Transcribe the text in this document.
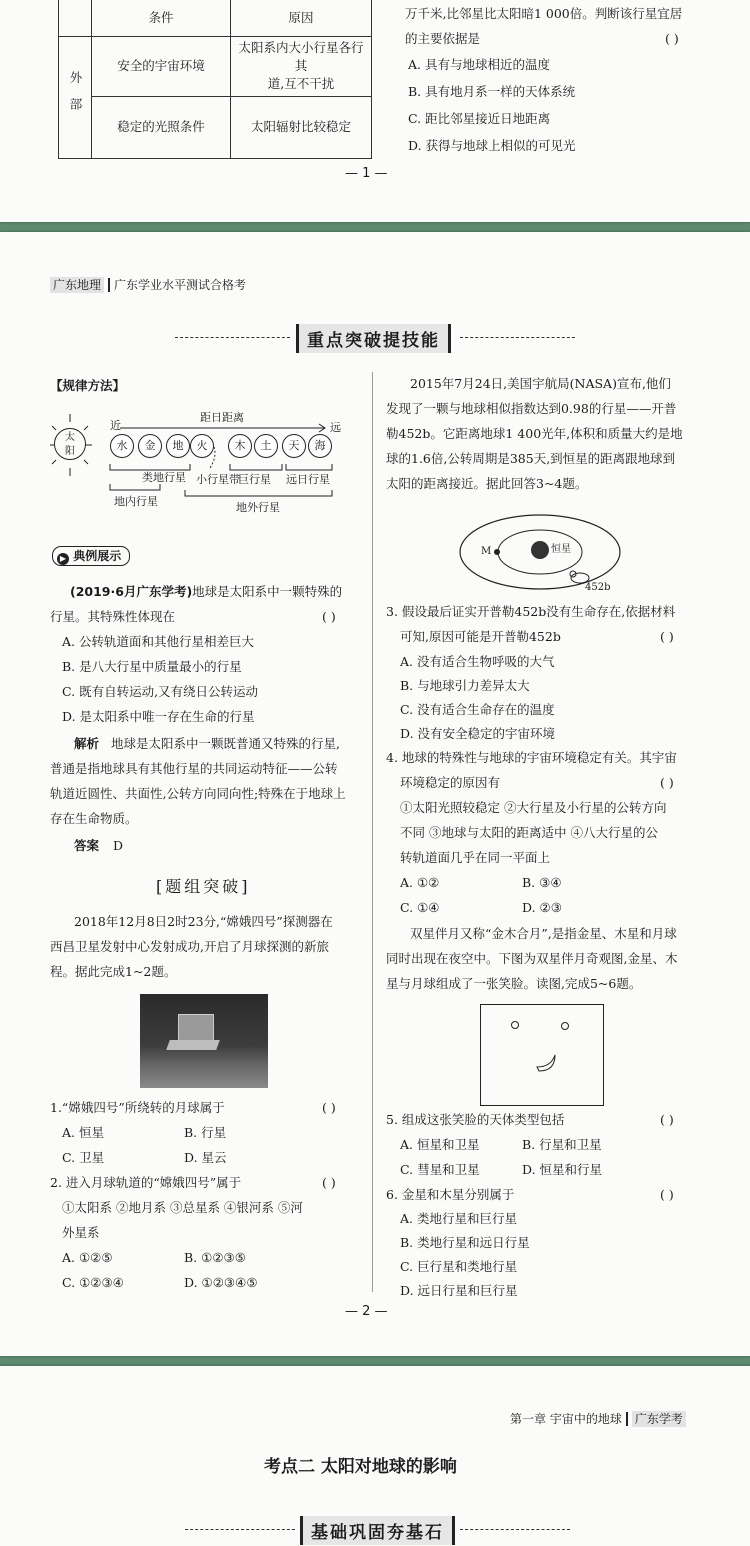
	条件	原因
外部	安全的宇宙环境	太阳系内大小行星各行其
道,互不干扰
	稳定的光照条件	太阳辐射比较稳定
万千米,比邻星比太阳暗1 000倍。判断该行星宜居
的主要依据是	( )
A. 具有与地球相近的温度
B. 具有地月系一样的天体系统
C. 距比邻星接近日地距离
D. 获得与地球上相似的可见光
— 1 —
广东地理 广东学业水平测试合格考
重点突破提技能
【规律方法】
太阳
近
距日距离
远
水	金	地	火	木	土	天	海
类地行星
地内行星
小行星带
巨行星 远日行星
地外行星
▶ 典例展示
(2019·6月广东学考)地球是太阳系中一颗特殊的
行星。其特殊性体现在	( )
A. 公转轨道面和其他行星相差巨大
B. 是八大行星中质量最小的行星
C. 既有自转运动,又有绕日公转运动
D. 是太阳系中唯一存在生命的行星
解析 地球是太阳系中一颗既普通又特殊的行星,
普通是指地球具有其他行星的共同运动特征——公转
轨道近圆性、共面性,公转方向同向性;特殊在于地球上
存在生命物质。
答案 D
[题组突破]
2018年12月8日2时23分,“嫦娥四号”探测器在
西昌卫星发射中心发射成功,开启了月球探测的新旅
程。据此完成1~2题。
1.“嫦娥四号”所绕转的月球属于	( )
A. 恒星	B. 行星
C. 卫星	D. 星云
2. 进入月球轨道的“嫦娥四号”属于	( )
①太阳系 ②地月系 ③总星系 ④银河系 ⑤河
外星系
A. ①②⑤	B. ①②③⑤
C. ①②③④	D. ①②③④⑤
2015年7月24日,美国宇航局(NASA)宣布,他们
发现了一颗与地球相似指数达到0.98的行星——开普
勒452b。它距离地球1 400光年,体积和质量大约是地
球的1.6倍,公转周期是385天,到恒星的距离跟地球到
太阳的距离接近。据此回答3~4题。
M	恒星
452b
3. 假设最后证实开普勒452b没有生命存在,依据材料
可知,原因可能是开普勒452b	( )
A. 没有适合生物呼吸的大气
B. 与地球引力差异太大
C. 没有适合生命存在的温度
D. 没有安全稳定的宇宙环境
4. 地球的特殊性与地球的宇宙环境稳定有关。其宇宙
环境稳定的原因有	( )
①太阳光照较稳定 ②大行星及小行星的公转方向
不同 ③地球与太阳的距离适中 ④八大行星的公
转轨道面几乎在同一平面上
A. ①②	B. ③④
C. ①④	D. ②③
双星伴月又称“金木合月”,是指金星、木星和月球
同时出现在夜空中。下图为双星伴月奇观图,金星、木
星与月球组成了一张笑脸。读图,完成5~6题。
5. 组成这张笑脸的天体类型包括	( )
A. 恒星和卫星	B. 行星和卫星
C. 彗星和卫星	D. 恒星和行星
6. 金星和木星分别属于	( )
A. 类地行星和巨行星
B. 类地行星和远日行星
C. 巨行星和类地行星
D. 远日行星和巨行星
— 2 —
第一章 宇宙中的地球 广东学考
考点二 太阳对地球的影响
基础巩固夯基石
